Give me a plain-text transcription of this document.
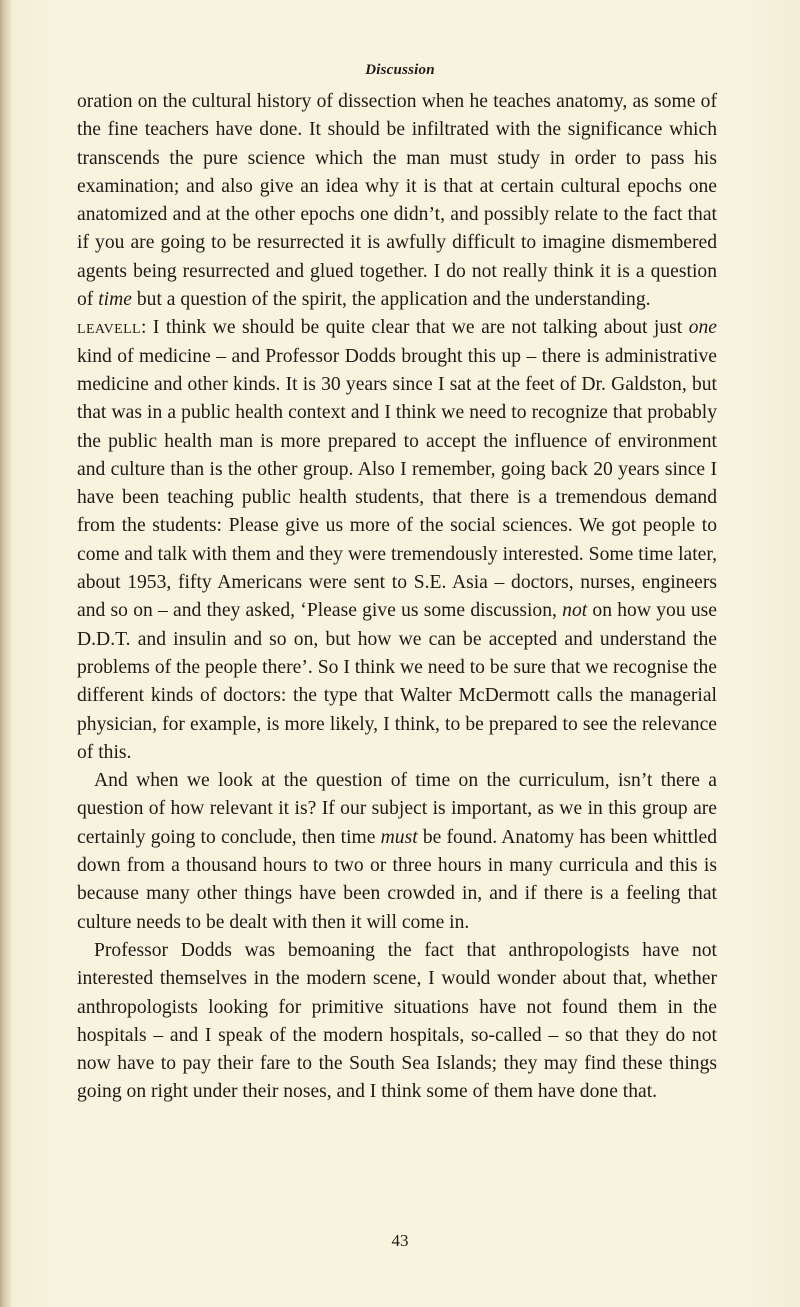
Discussion

oration on the cultural history of dissection when he teaches anatomy, as some of the fine teachers have done. It should be infiltrated with the significance which transcends the pure science which the man must study in order to pass his examination; and also give an idea why it is that at certain cultural epochs one anatomized and at the other epochs one didn’t, and possibly relate to the fact that if you are going to be resurrected it is awfully difficult to imagine dismembered agents being resurrected and glued together. I do not really think it is a question of time but a question of the spirit, the application and the understanding.

leavell: I think we should be quite clear that we are not talking about just one kind of medicine – and Professor Dodds brought this up – there is administrative medicine and other kinds. It is 30 years since I sat at the feet of Dr. Galdston, but that was in a public health context and I think we need to recognize that probably the public health man is more prepared to accept the influence of environment and culture than is the other group. Also I remember, going back 20 years since I have been teaching public health students, that there is a tremendous demand from the students: Please give us more of the social sciences. We got people to come and talk with them and they were tremendously interested. Some time later, about 1953, fifty Americans were sent to S.E. Asia – doctors, nurses, engineers and so on – and they asked, ‘Please give us some discussion, not on how you use D.D.T. and insulin and so on, but how we can be accepted and understand the problems of the people there’. So I think we need to be sure that we recognise the different kinds of doctors: the type that Walter McDermott calls the managerial physician, for example, is more likely, I think, to be prepared to see the relevance of this.

And when we look at the question of time on the curriculum, isn’t there a question of how relevant it is? If our subject is important, as we in this group are certainly going to conclude, then time must be found. Anatomy has been whittled down from a thousand hours to two or three hours in many curricula and this is because many other things have been crowded in, and if there is a feeling that culture needs to be dealt with then it will come in.

Professor Dodds was bemoaning the fact that anthropologists have not interested themselves in the modern scene, I would wonder about that, whether anthropologists looking for primitive situations have not found them in the hospitals – and I speak of the modern hospitals, so-called – so that they do not now have to pay their fare to the South Sea Islands; they may find these things going on right under their noses, and I think some of them have done that.

43
